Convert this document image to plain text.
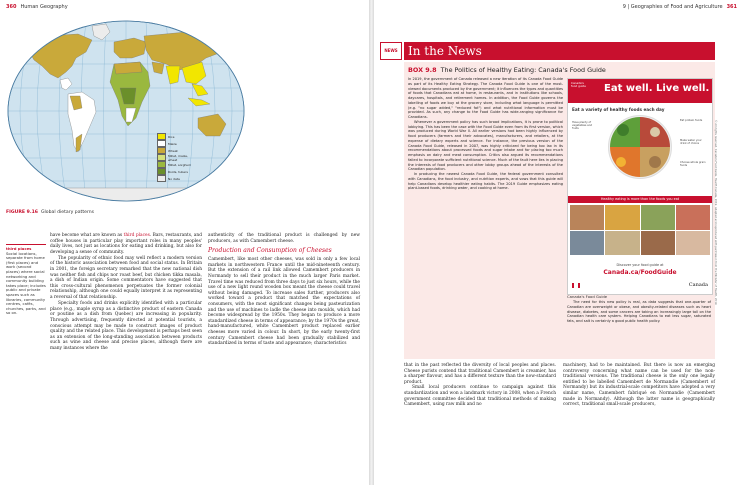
360 Human Geography
Rice
Maize
Wheat
Millet, maize, wheat
Millet, sorghum
Roots, tubers
No data
FIGURE 9.16 Global dietary patterns
third places
Social locations, separate from home (first places) and work (second places) where social networking and community building takes place; includes public and private spaces such as libraries, community centres, cafés, churches, parks, and so on.

have become what are known as third places. Bars, restaurants, and coffee houses in particular play important roles in many peoples' daily lives, not just as locations for eating and drinking, but also for developing a sense of community.

The popularity of ethnic food may well reflect a modern version of the historic association between food and social status. In Britain in 2001, the foreign secretary remarked that the new national dish was neither fish and chips nor roast beef, but chicken tikka masala, a dish of Indian origin. Some commentators have suggested that this cross-cultural phenomenon perpetuates the former colonial relationship, although one could equally interpret it as representing a reversal of that relationship.

Specialty foods and drinks explicitly identified with a particular place (e.g., maple syrup as a distinctive product of eastern Canada or poutine as a dish from Quebec) are increasing in popularity. Through advertising, frequently directed at potential tourists, a conscious attempt may be made to construct images of product quality and the related place. This development is perhaps best seen as an extension of the long-standing association between products such as wine and cheese and precise places, although there are many instances where the

authenticity of the traditional product is challenged by new producers, as with Camembert cheese.

Production and Consumption of Cheeses

Camembert, like most other cheeses, was sold in only a few local markets in northwestern France until the mid-nineteenth century. But the extension of a rail link allowed Camembert producers in Normandy to sell their product in the much larger Paris market. Travel time was reduced from three days to just six hours, while the use of a new light round wooden box meant the cheese could travel without being damaged. To increase sales further, producers also worked toward a product that matched the expectations of consumers, with the most significant changes being pasteurization and the use of machines to ladle the cheese into moulds, which had become widespread by the 1950s. They began to produce a more standardized cheese in terms of appearance; by the 1970s the great, hand-manufactured, white Camembert product replaced earlier cheeses more varied in colour. In short, by the early twenty-first century Camembert cheese had been gradually stabilized and standardized in terms of taste and appearance; characteristics

9 | Geographies of Food and Agriculture 361
NEWS In the News
BOX 9.8 The Politics of Healthy Eating: Canada's Food Guide

In 2019, the government of Canada released a new iteration of its Canada Food Guide as part of its Healthy Eating Strategy. The Canada Food Guide is one of the most-viewed documents produced by the government; it influences the types and quantities of foods that Canadians eat at home, in restaurants, and in institutions like schools, daycares, hospitals, and retirement homes. In addition, the Food Guide governs the labelling of foods we buy at the grocery store, including what language is permitted (e.g. "no sugar added," "reduced fat") and what nutritional information must be provided. As such, any change to the Food Guide has wide-ranging significance for Canadians.

Whenever a government policy has such broad implications, it is prone to political lobbying. This has been the case with the Food Guide even from its first version, which was produced during World War II. All earlier versions had been highly influenced by food producers (farmers and their advocates), manufacturers, and retailers, at the expense of dietary experts and science. For instance, the previous version of the Canada Food Guide, released in 2007, was highly criticized for being too lax in its recommendations about processed foods and sugar intake and for placing too much emphasis on dairy and meat consumption. Critics also argued its recommendations failed to incorporate sufficient nutritional science. Much of the fault here lies in placing the interests of food producers and other lobby groups ahead of the interests of the Canadian population.

In producing the newest Canada Food Guide, the federal government consulted with Canadians, the food industry, and nutrition experts, and vows that this guide will help Canadians develop healthier eating habits. The 2019 Guide emphasizes eating plant-based foods, drinking water, and cooking at home.

Canada's food guide	Eat well. Live well.
Eat a variety of healthy foods each day
Have plenty of vegetables and fruits
Eat protein foods
Make water your drink of choice
Choose whole grain foods
Healthy eating is more than the foods you eat
Discover your food guide at
Canada.ca/FoodGuide
Canada © All rights reserved. Canada's Food Guide. Health Canada, 2019. Adapted and reproduced with permission from the Minister of Health, 2019.
Canada's Food Guide

The need for this new policy is real, as data suggests that one-quarter of Canadian are overweight or obese, and obesity-related diseases such as heart disease, diabetes, and some cancers are taking an increasingly large toll on the Canadian health care system. Helping Canadians to eat less sugar, saturated fats, and salt is certainly a good public health policy.

that in the past reflected the diversity of local peoples and places. Cheese purists contend that traditional Camembert is creamier, has a sharper flavour, and has a different texture than the now-standard product.

Small local producers continue to campaign against this standardization and won a landmark victory in 2008, when a French government committee decided that traditional methods of making Camembert, using raw milk and no

machinery, had to be maintained. But there is now an emerging controversy concerning what name can be used for the non-traditional versions. The traditional cheese is the only one legally entitled to be labelled Camembert de Normandie (Camembert of Normandy) but its industrial-scale competitors have adopted a very similar name, Camembert fabriqué en Normandie (Camembert made in Normandy). Although the latter name is geographically correct, traditional small-scale producers,
